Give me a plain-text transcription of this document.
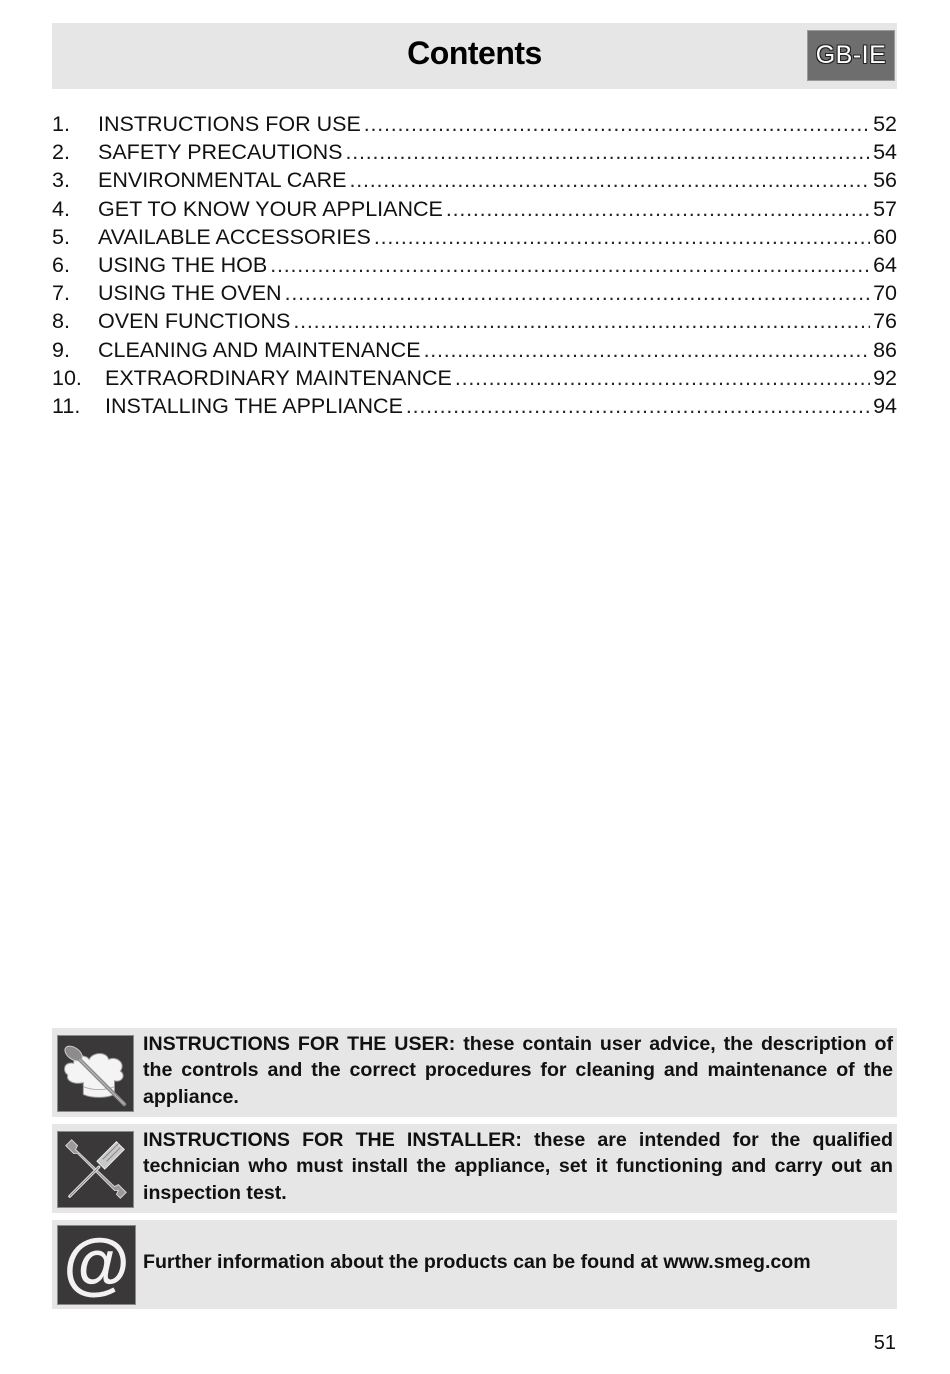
Contents	GB-IE
1.	INSTRUCTIONS FOR USE . . .	52
2.	SAFETY PRECAUTIONS . . .	54
3.	ENVIRONMENTAL CARE . . .	56
4.	GET TO KNOW YOUR APPLIANCE . . .	57
5.	AVAILABLE ACCESSORIES . . .	60
6.	USING THE HOB . . .	64
7.	USING THE OVEN . . .	70
8.	OVEN FUNCTIONS . . .	76
9.	CLEANING AND MAINTENANCE . . .	86
10.	EXTRAORDINARY MAINTENANCE . . .	92
11.	INSTALLING THE APPLIANCE . . .	94
INSTRUCTIONS FOR THE USER: these contain user advice, the description of the controls and the correct procedures for cleaning and maintenance of the appliance.
INSTRUCTIONS FOR THE INSTALLER: these are intended for the qualified technician who must install the appliance, set it functioning and carry out an inspection test.
@ Further information about the products can be found at www.smeg.com
51
